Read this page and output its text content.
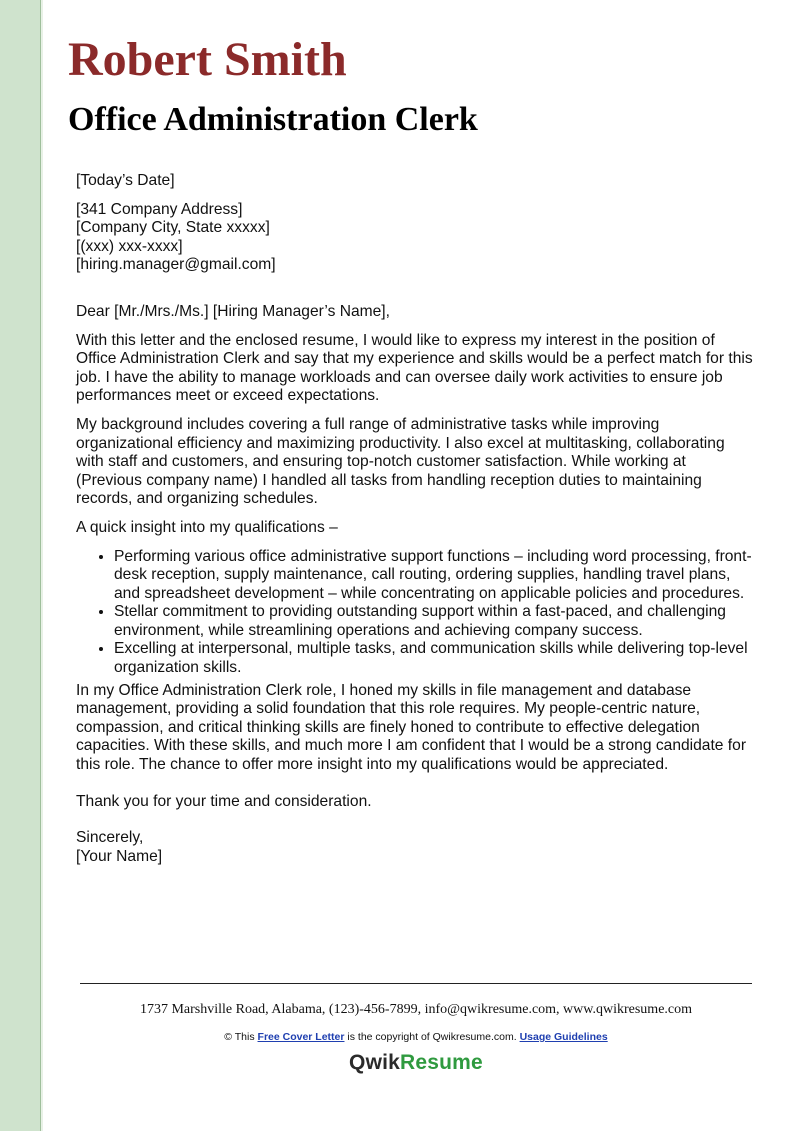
Robert Smith
Office Administration Clerk

[Today’s Date]

[341 Company Address]

[Company City, State xxxxx]

[(xxx) xxx-xxxx]

[hiring.manager@gmail.com]

Dear [Mr./Mrs./Ms.] [Hiring Manager’s Name],

With this letter and the enclosed resume, I would like to express my interest in the position of Office Administration Clerk and say that my experience and skills would be a perfect match for this job. I have the ability to manage workloads and can oversee daily work activities to ensure job performances meet or exceed expectations.

My background includes covering a full range of administrative tasks while improving organizational efficiency and maximizing productivity. I also excel at multitasking, collaborating with staff and customers, and ensuring top-notch customer satisfaction. While working at (Previous company name) I handled all tasks from handling reception duties to maintaining records, and organizing schedules.

A quick insight into my qualifications –

• Performing various office administrative support functions – including word processing, front-desk reception, supply maintenance, call routing, ordering supplies, handling travel plans, and spreadsheet development – while concentrating on applicable policies and procedures.
• Stellar commitment to providing outstanding support within a fast-paced, and challenging environment, while streamlining operations and achieving company success.
• Excelling at interpersonal, multiple tasks, and communication skills while delivering top-level organization skills.

In my Office Administration Clerk role, I honed my skills in file management and database management, providing a solid foundation that this role requires. My people-centric nature, compassion, and critical thinking skills are finely honed to contribute to effective delegation capacities. With these skills, and much more I am confident that I would be a strong candidate for this role. The chance to offer more insight into my qualifications would be appreciated.

Thank you for your time and consideration.

Sincerely,

[Your Name]

1737 Marshville Road, Alabama, (123)-456-7899, info@qwikresume.com, www.qwikresume.com
© This Free Cover Letter is the copyright of Qwikresume.com. Usage Guidelines
QwikResume
